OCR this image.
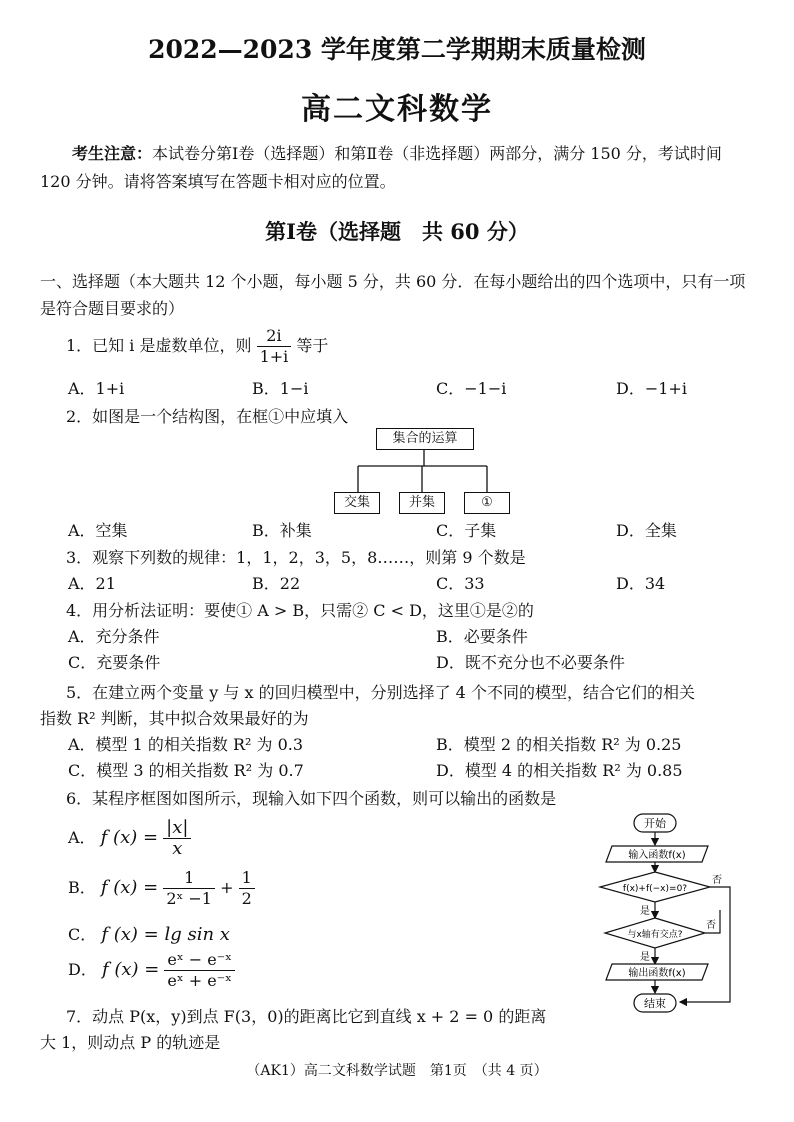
2022—2023 学年度第二学期期末质量检测
高二文科数学
考生注意：本试卷分第Ⅰ卷（选择题）和第Ⅱ卷（非选择题）两部分，满分 150 分，考试时间 120 分钟。请将答案填写在答题卡相对应的位置。
第Ⅰ卷（选择题　共 60 分）
一、选择题（本大题共 12 个小题，每小题 5 分，共 60 分．在每小题给出的四个选项中，只有一项是符合题目要求的）
1．已知 i 是虚数单位，则 $\frac{2i}{1+i}$ 等于
A．1+i	B．1−i	C．−1−i	D．−1+i
2．如图是一个结构图，在框①中应填入
集合的运算
交集	并集	①
A．空集	B．补集	C．子集	D．全集
3．观察下列数的规律：1，1，2，3，5，8……，则第 9 个数是
A．21	B．22	C．33	D．34
4．用分析法证明：要使① A > B，只需② C < D，这里①是②的
A．充分条件	B．必要条件
C．充要条件	D．既不充分也不必要条件
5．在建立两个变量 y 与 x 的回归模型中，分别选择了 4 个不同的模型，结合它们的相关
指数 R² 判断，其中拟合效果最好的为
A．模型 1 的相关指数 R² 为 0.3	B．模型 2 的相关指数 R² 为 0.25
C．模型 3 的相关指数 R² 为 0.7	D．模型 4 的相关指数 R² 为 0.85
6．某程序框图如图所示，现输入如下四个函数，则可以输出的函数是
A． f $(x) = \frac{|x|}{x}$
B． f $(x) = \frac{1}{\text{2ˣ −1}} + \frac{1}{2}$
C． f (x) = lg sin x
D． f $(x) = \frac{\text{eˣ − e⁻ˣ}}{\text{eˣ + e⁻ˣ}}$
开始
输入函数f(x)
f(x)+f(−x)=0?
是
否
与x轴有交点?
否
是
输出函数f(x)
结束
7．动点 P(x，y)到点 F(3，0)的距离比它到直线 x + 2 = 0 的距离
大 1，则动点 P 的轨迹是
（AK1）高二文科数学试题　第1页　（共 4 页）
